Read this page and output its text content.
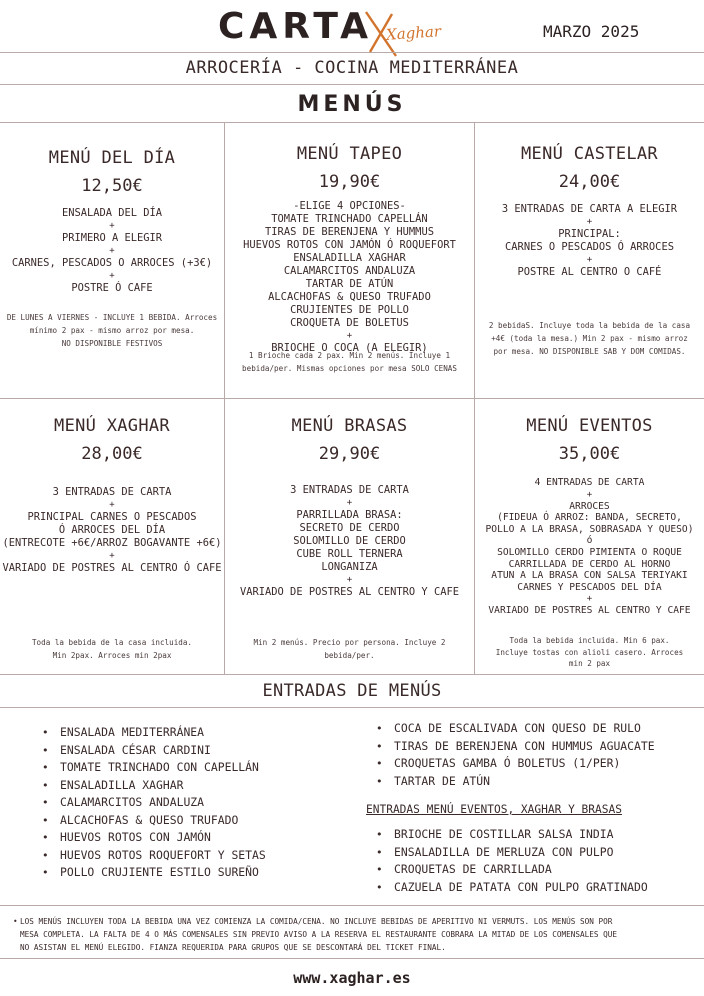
CARTA Xaghar	MARZO 2025
ARROCERÍA - COCINA MEDITERRÁNEA
MENÚS
MENÚ DEL DÍA
12,50€
ENSALADA DEL DÍA
+
PRIMERO A ELEGIR
+
CARNES, PESCADOS O ARROCES (+3€)
+
POSTRE Ó CAFE
DE LUNES A VIERNES - INCLUYE 1 BEBIDA. Arroces
mínimo 2 pax - mismo arroz por mesa.
NO DISPONIBLE FESTIVOS
MENÚ TAPEO
19,90€
-ELIGE 4 OPCIONES-
TOMATE TRINCHADO CAPELLÁN
TIRAS DE BERENJENA Y HUMMUS
HUEVOS ROTOS CON JAMÓN Ó ROQUEFORT
ENSALADILLA XAGHAR
CALAMARCITOS ANDALUZA
TARTAR DE ATÚN
ALCACHOFAS & QUESO TRUFADO
CRUJIENTES DE POLLO
CROQUETA DE BOLETUS
+
BRIOCHE O COCA (A ELEGIR)
1 Brioche cada 2 pax. Min 2 menús. Incluye 1
bebida/per. Mismas opciones por mesa SOLO CENAS
MENÚ CASTELAR
24,00€
3 ENTRADAS DE CARTA A ELEGIR
+
PRINCIPAL:
CARNES O PESCADOS Ó ARROCES
+
POSTRE AL CENTRO O CAFÉ
2 bebidaS. Incluye toda la bebida de la casa
+4€ (toda la mesa.) Min 2 pax - mismo arroz
por mesa. NO DISPONIBLE SAB Y DOM COMIDAS.
MENÚ XAGHAR
28,00€
3 ENTRADAS DE CARTA
+
PRINCIPAL CARNES O PESCADOS
Ó ARROCES DEL DÍA
(ENTRECOTE +6€/ARROZ BOGAVANTE +6€)
+
VARIADO DE POSTRES AL CENTRO Ó CAFE
Toda la bebida de la casa incluida.
Min 2pax. Arroces min 2pax
MENÚ BRASAS
29,90€
3 ENTRADAS DE CARTA
+
PARRILLADA BRASA:
SECRETO DE CERDO
SOLOMILLO DE CERDO
CUBE ROLL TERNERA
LONGANIZA
+
VARIADO DE POSTRES AL CENTRO Y CAFE
Min 2 menús. Precio por persona. Incluye 2
bebida/per.
MENÚ EVENTOS
35,00€
4 ENTRADAS DE CARTA
+
ARROCES
(FIDEUA Ó ARROZ: BANDA, SECRETO,
POLLO A LA BRASA, SOBRASADA Y QUESO)
ó
SOLOMILLO CERDO PIMIENTA O ROQUE
CARRILLADA DE CERDO AL HORNO
ATUN A LA BRASA CON SALSA TERIYAKI
CARNES Y PESCADOS DEL DÍA
+
VARIADO DE POSTRES AL CENTRO Y CAFE
Toda la bebida incluida. Min 6 pax.
Incluye tostas con alioli casero. Arroces
min 2 pax
ENTRADAS DE MENÚS
• ENSALADA MEDITERRÁNEA
• ENSALADA CÉSAR CARDINI
• TOMATE TRINCHADO CON CAPELLÁN
• ENSALADILLA XAGHAR
• CALAMARCITOS ANDALUZA
• ALCACHOFAS & QUESO TRUFADO
• HUEVOS ROTOS CON JAMÓN
• HUEVOS ROTOS ROQUEFORT Y SETAS
• POLLO CRUJIENTE ESTILO SUREÑO
• COCA DE ESCALIVADA CON QUESO DE RULO
• TIRAS DE BERENJENA CON HUMMUS AGUACATE
• CROQUETAS GAMBA Ó BOLETUS (1/PER)
• TARTAR DE ATÚN
ENTRADAS MENÚ EVENTOS, XAGHAR Y BRASAS
• BRIOCHE DE COSTILLAR SALSA INDIA
• ENSALADILLA DE MERLUZA CON PULPO
• CROQUETAS DE CARRILLADA
• CAZUELA DE PATATA CON PULPO GRATINADO
• LOS MENÚS INCLUYEN TODA LA BEBIDA UNA VEZ COMIENZA LA COMIDA/CENA. NO INCLUYE BEBIDAS DE APERITIVO NI VERMUTS. LOS MENÚS SON POR
MESA COMPLETA. LA FALTA DE 4 O MÁS COMENSALES SIN PREVIO AVISO A LA RESERVA EL RESTAURANTE COBRARA LA MITAD DE LOS COMENSALES QUE
NO ASISTAN EL MENÚ ELEGIDO. FIANZA REQUERIDA PARA GRUPOS QUE SE DESCONTARÁ DEL TICKET FINAL.
www.xaghar.es
